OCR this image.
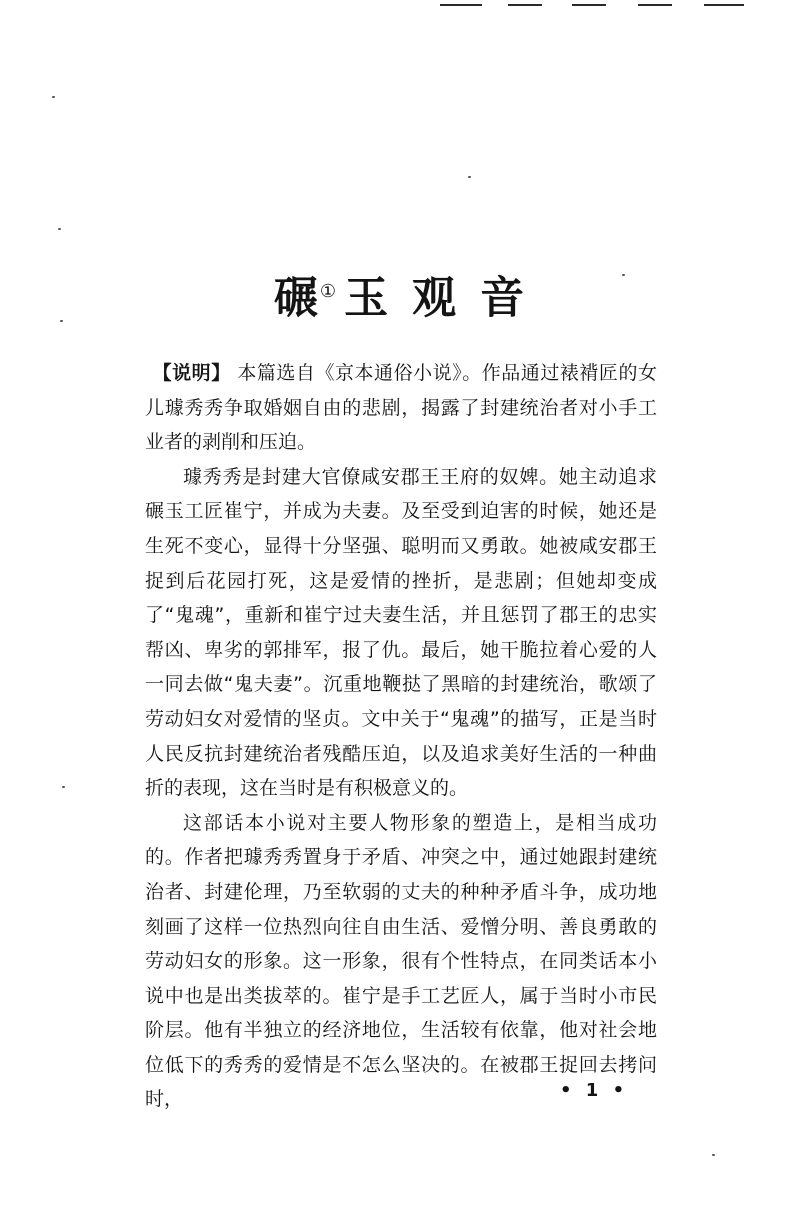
碾① 玉 观 音

【说明】 本篇选自《京本通俗小说》。作品通过裱褙匠的女儿璩秀秀争取婚姻自由的悲剧，揭露了封建统治者对小手工业者的剥削和压迫。

璩秀秀是封建大官僚咸安郡王王府的奴婢。她主动追求碾玉工匠崔宁，并成为夫妻。及至受到迫害的时候，她还是生死不变心，显得十分坚强、聪明而又勇敢。她被咸安郡王捉到后花园打死，这是爱情的挫折，是悲剧；但她却变成了“鬼魂”，重新和崔宁过夫妻生活，并且惩罚了郡王的忠实帮凶、卑劣的郭排军，报了仇。最后，她干脆拉着心爱的人一同去做“鬼夫妻”。沉重地鞭挞了黑暗的封建统治，歌颂了劳动妇女对爱情的坚贞。文中关于“鬼魂”的描写，正是当时人民反抗封建统治者残酷压迫，以及追求美好生活的一种曲折的表现，这在当时是有积极意义的。

这部话本小说对主要人物形象的塑造上，是相当成功的。作者把璩秀秀置身于矛盾、冲突之中，通过她跟封建统治者、封建伦理，乃至软弱的丈夫的种种矛盾斗争，成功地刻画了这样一位热烈向往自由生活、爱憎分明、善良勇敢的劳动妇女的形象。这一形象，很有个性特点，在同类话本小说中也是出类拔萃的。崔宁是手工艺匠人，属于当时小市民阶层。他有半独立的经济地位，生活较有依靠，他对社会地位低下的秀秀的爱情是不怎么坚决的。在被郡王捉回去拷问时，	• 1 •
